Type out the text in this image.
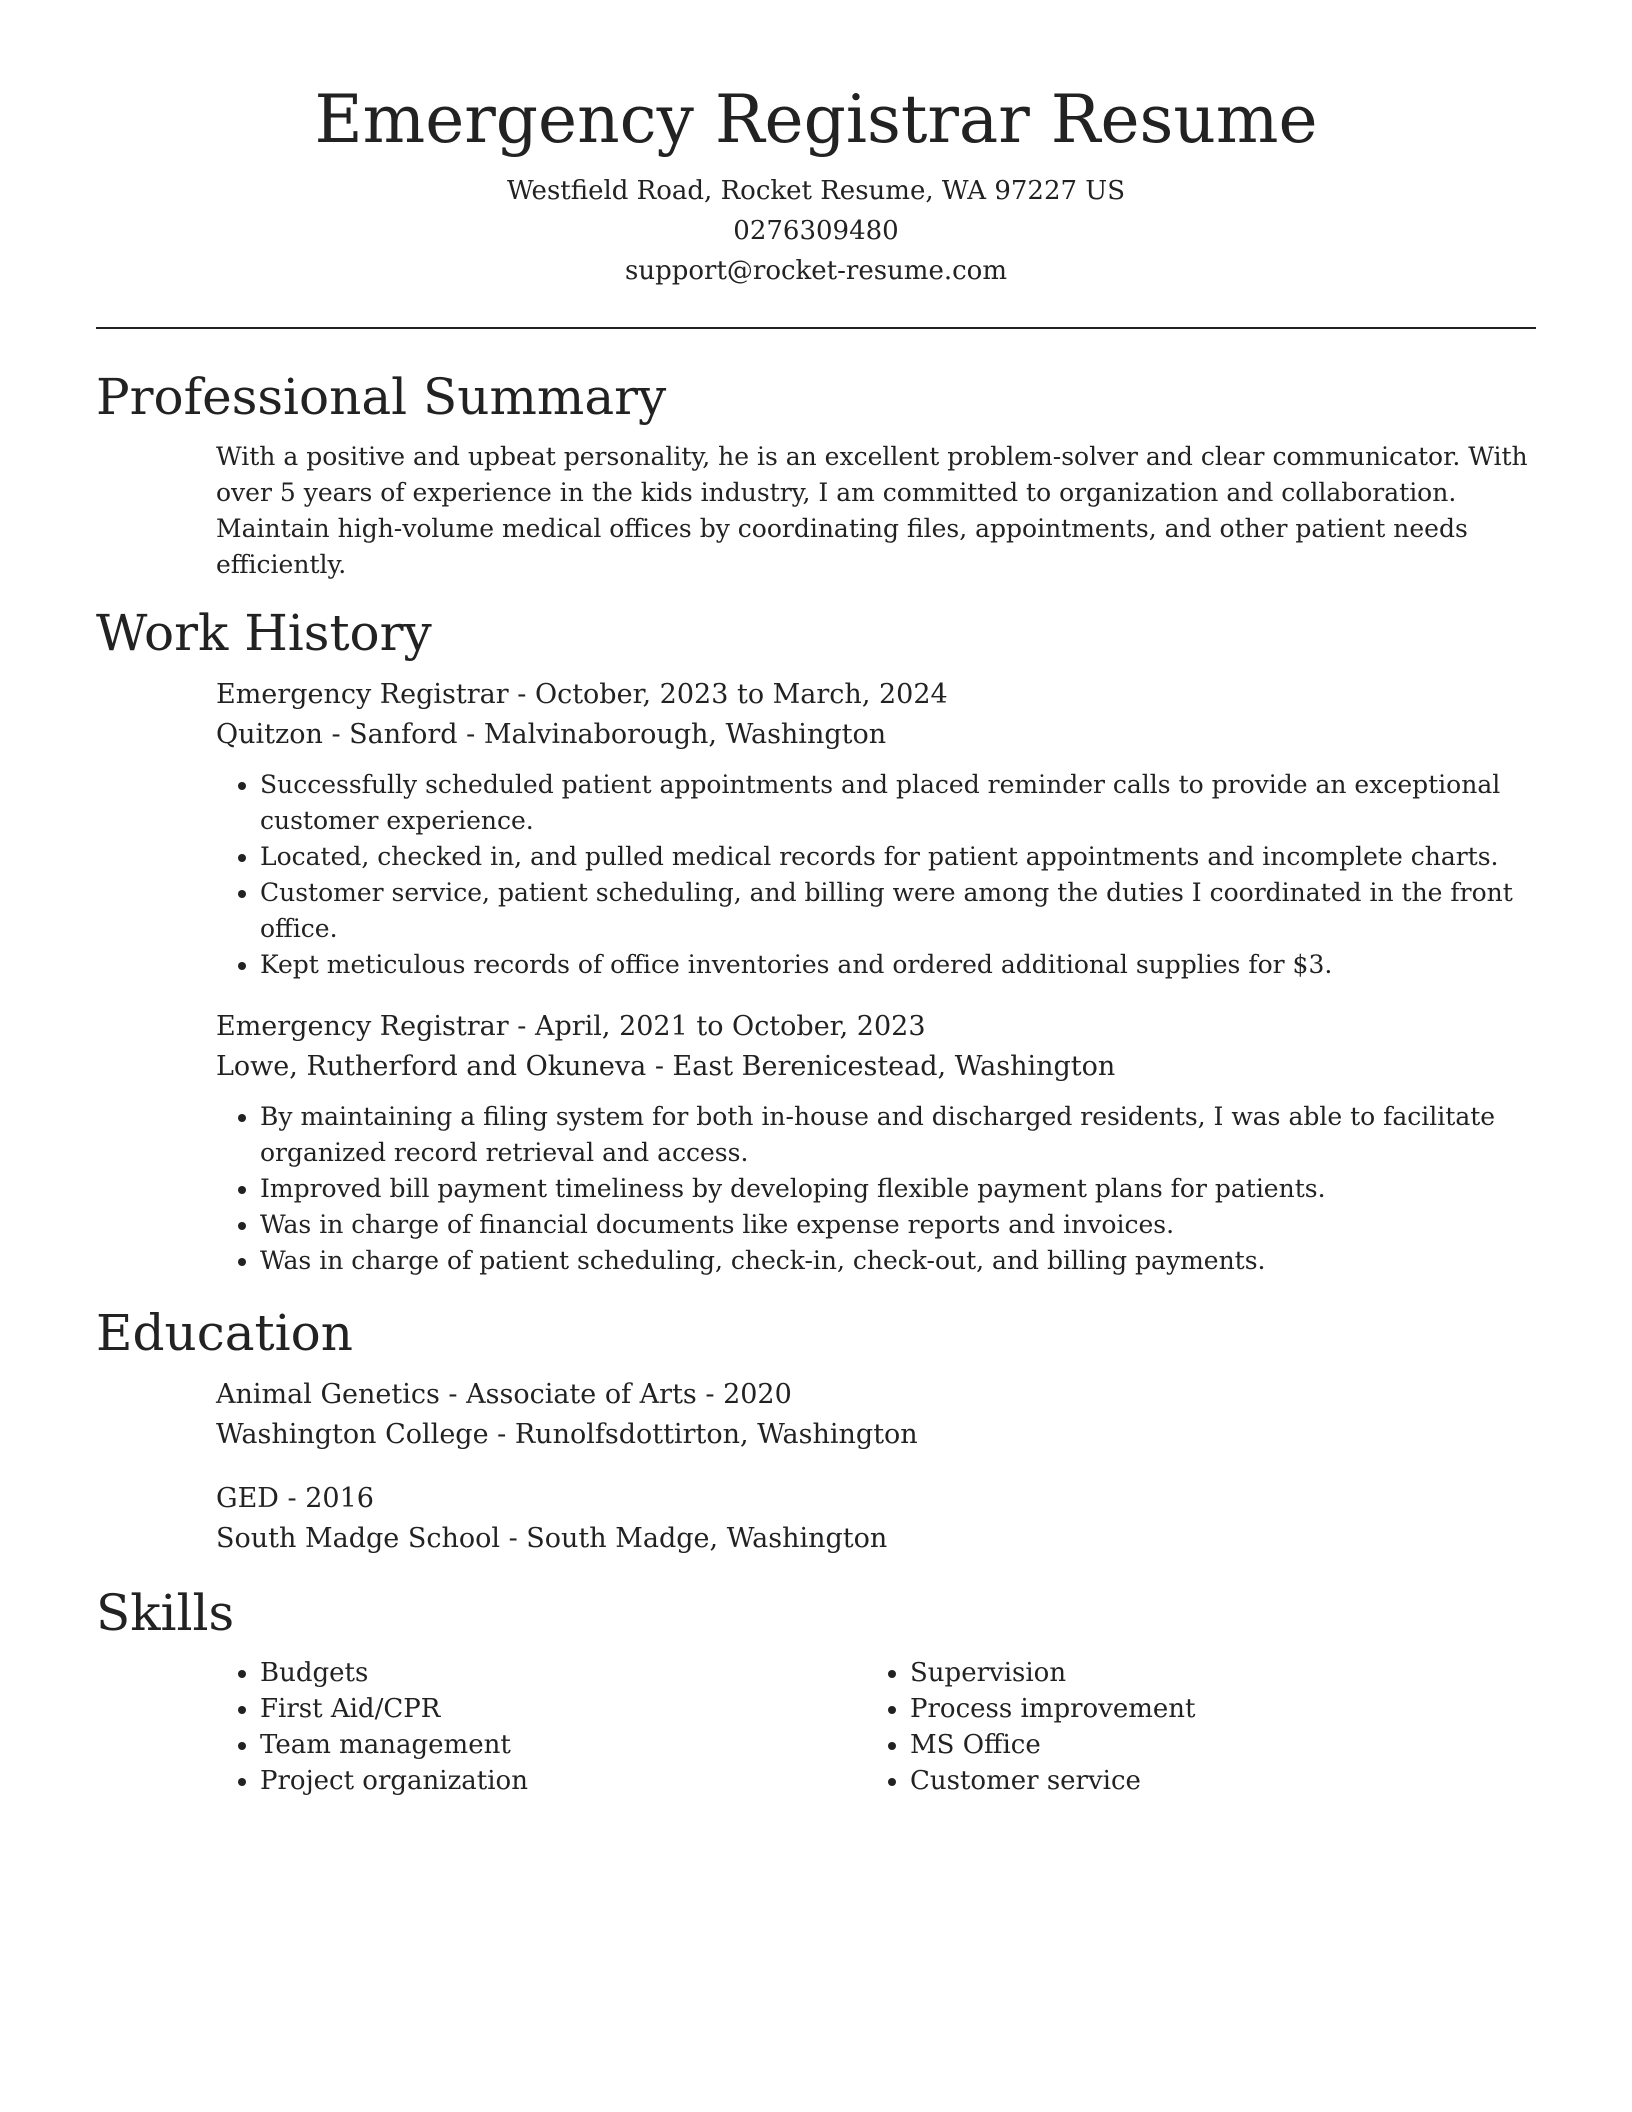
Emergency Registrar Resume
Westfield Road, Rocket Resume, WA 97227 US
0276309480
support@rocket-resume.com
Professional Summary

With a positive and upbeat personality, he is an excellent problem-solver and clear communicator. With over 5 years of experience in the kids industry, I am committed to organization and collaboration. Maintain high-volume medical offices by coordinating files, appointments, and other patient needs efficiently.

Work History
Emergency Registrar - October, 2023 to March, 2024
Quitzon - Sanford - Malvinaborough, Washington
• Successfully scheduled patient appointments and placed reminder calls to provide an exceptional customer experience.
• Located, checked in, and pulled medical records for patient appointments and incomplete charts.
• Customer service, patient scheduling, and billing were among the duties I coordinated in the front office.
• Kept meticulous records of office inventories and ordered additional supplies for $3.
Emergency Registrar - April, 2021 to October, 2023
Lowe, Rutherford and Okuneva - East Berenicestead, Washington
• By maintaining a filing system for both in-house and discharged residents, I was able to facilitate organized record retrieval and access.
• Improved bill payment timeliness by developing flexible payment plans for patients.
• Was in charge of financial documents like expense reports and invoices.
• Was in charge of patient scheduling, check-in, check-out, and billing payments.
Education
Animal Genetics - Associate of Arts - 2020
Washington College - Runolfsdottirton, Washington
GED - 2016
South Madge School - South Madge, Washington
Skills
• Budgets
• First Aid/CPR
• Team management
• Project organization
• Supervision
• Process improvement
• MS Office
• Customer service
